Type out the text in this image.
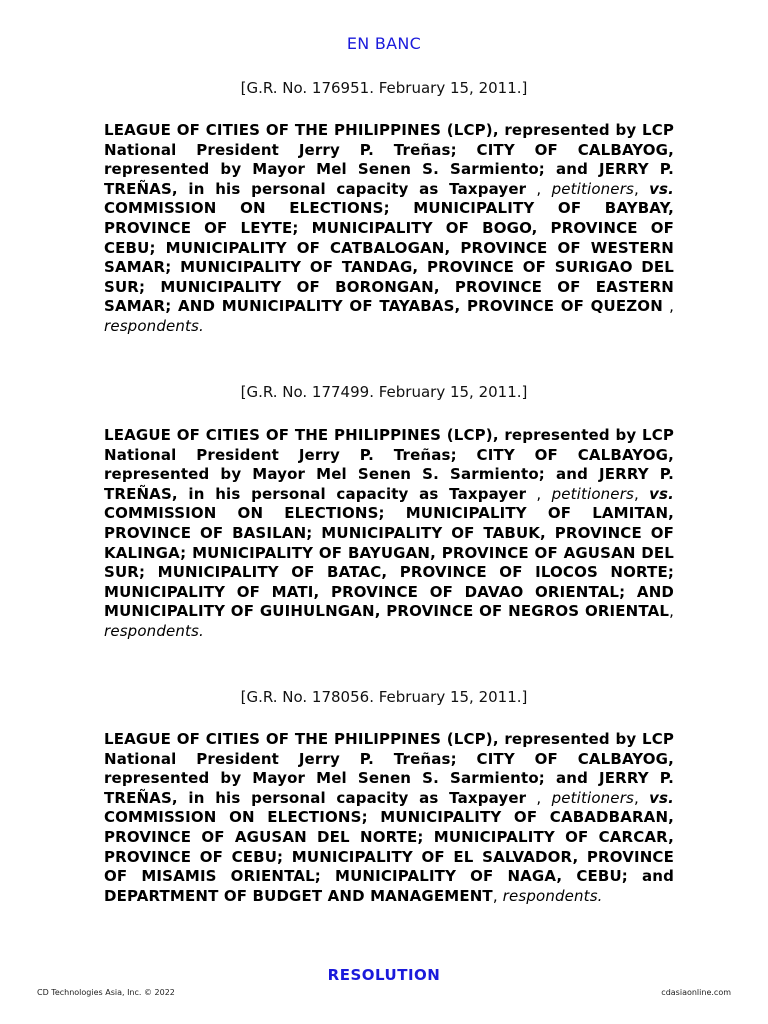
EN BANC
[G.R. No. 176951. February 15, 2011.]
LEAGUE OF CITIES OF THE PHILIPPINES (LCP), represented by LCP National President Jerry P. Treñas; CITY OF CALBAYOG, represented by Mayor Mel Senen S. Sarmiento; and JERRY P. TREÑAS, in his personal capacity as Taxpayer , petitioners, vs. COMMISSION ON ELECTIONS; MUNICIPALITY OF BAYBAY, PROVINCE OF LEYTE; MUNICIPALITY OF BOGO, PROVINCE OF CEBU; MUNICIPALITY OF CATBALOGAN, PROVINCE OF WESTERN SAMAR; MUNICIPALITY OF TANDAG, PROVINCE OF SURIGAO DEL SUR; MUNICIPALITY OF BORONGAN, PROVINCE OF EASTERN SAMAR; AND MUNICIPALITY OF TAYABAS, PROVINCE OF QUEZON , respondents.
[G.R. No. 177499. February 15, 2011.]
LEAGUE OF CITIES OF THE PHILIPPINES (LCP), represented by LCP National President Jerry P. Treñas; CITY OF CALBAYOG, represented by Mayor Mel Senen S. Sarmiento; and JERRY P. TREÑAS, in his personal capacity as Taxpayer , petitioners, vs. COMMISSION ON ELECTIONS; MUNICIPALITY OF LAMITAN, PROVINCE OF BASILAN; MUNICIPALITY OF TABUK, PROVINCE OF KALINGA; MUNICIPALITY OF BAYUGAN, PROVINCE OF AGUSAN DEL SUR; MUNICIPALITY OF BATAC, PROVINCE OF ILOCOS NORTE; MUNICIPALITY OF MATI, PROVINCE OF DAVAO ORIENTAL; AND MUNICIPALITY OF GUIHULNGAN, PROVINCE OF NEGROS ORIENTAL, respondents.
[G.R. No. 178056. February 15, 2011.]
LEAGUE OF CITIES OF THE PHILIPPINES (LCP), represented by LCP National President Jerry P. Treñas; CITY OF CALBAYOG, represented by Mayor Mel Senen S. Sarmiento; and JERRY P. TREÑAS, in his personal capacity as Taxpayer , petitioners, vs. COMMISSION ON ELECTIONS; MUNICIPALITY OF CABADBARAN, PROVINCE OF AGUSAN DEL NORTE; MUNICIPALITY OF CARCAR, PROVINCE OF CEBU; MUNICIPALITY OF EL SALVADOR, PROVINCE OF MISAMIS ORIENTAL; MUNICIPALITY OF NAGA, CEBU; and DEPARTMENT OF BUDGET AND MANAGEMENT, respondents.
RESOLUTION
CD Technologies Asia, Inc. © 2022	cdasiaonline.com
